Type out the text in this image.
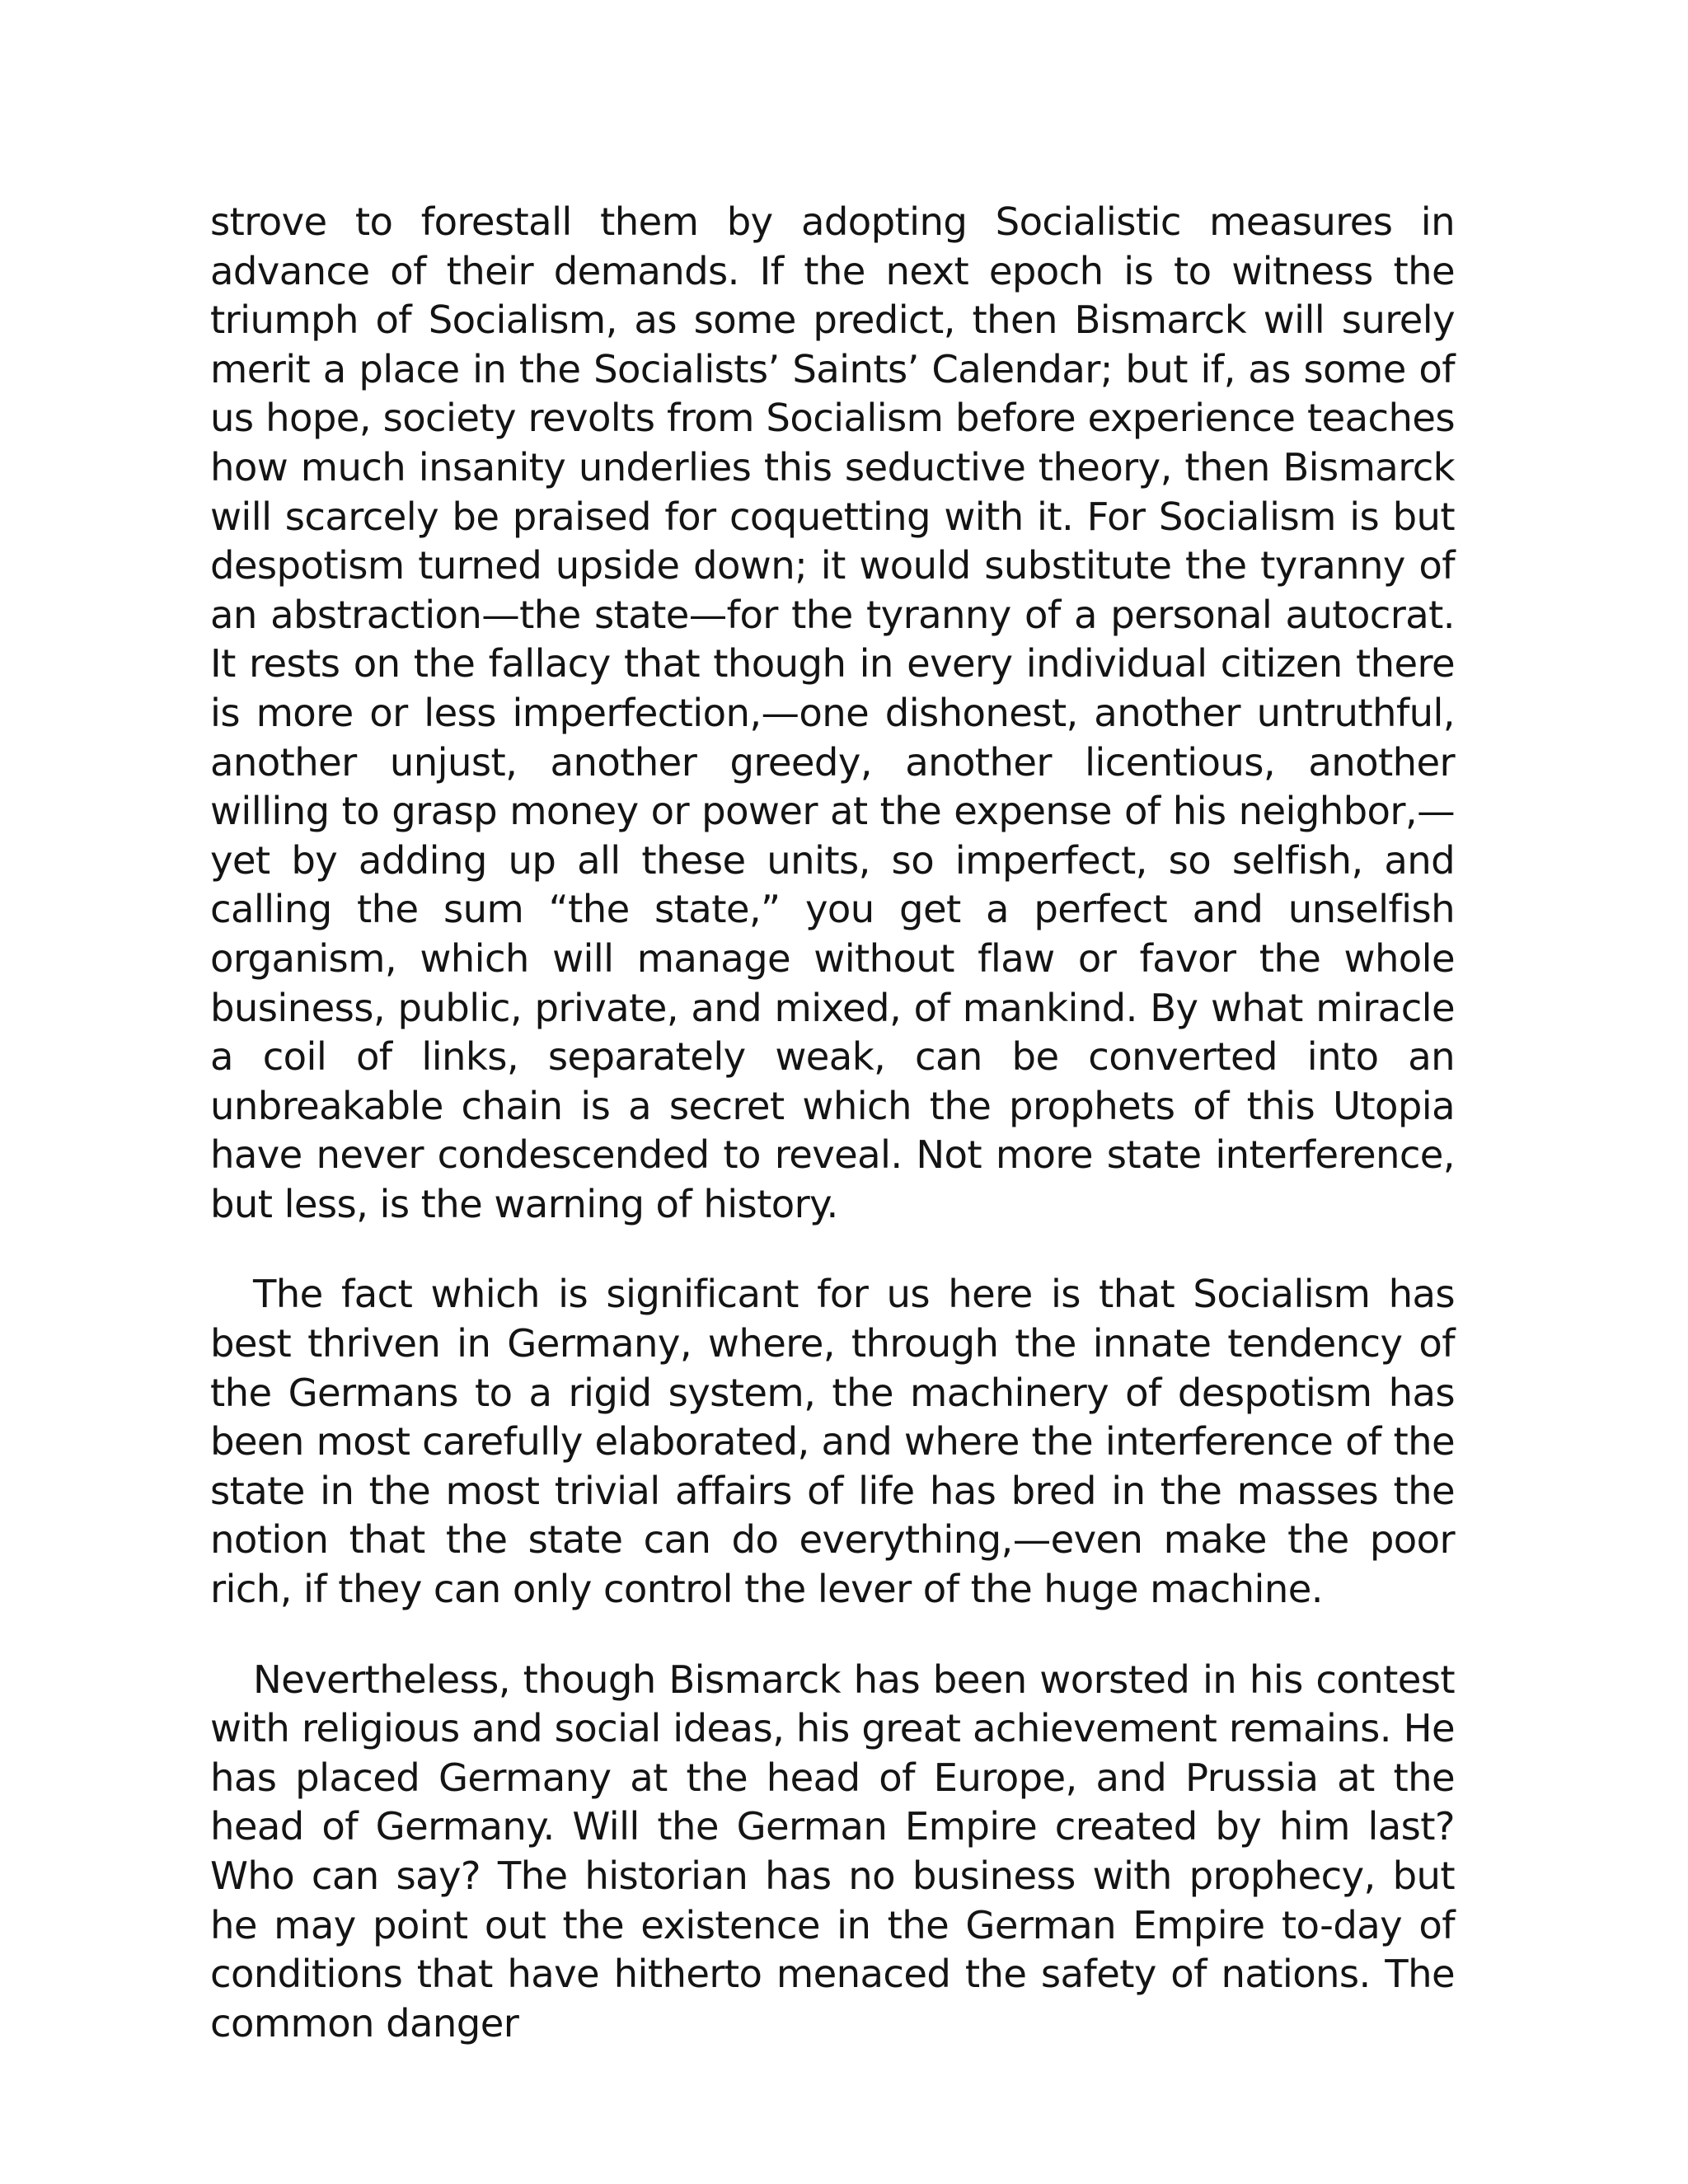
strove to forestall them by adopting Socialistic measures in advance of their demands. If the next epoch is to witness the triumph of Socialism, as some predict, then Bismarck will surely merit a place in the Socialists’ Saints’ Calendar; but if, as some of us hope, society revolts from Socialism before experience teaches how much insanity underlies this seductive theory, then Bismarck will scarcely be praised for coquetting with it. For Socialism is but despotism turned upside down; it would substitute the tyranny of an abstraction—the state—for the tyranny of a personal autocrat. It rests on the fallacy that though in every individual citizen there is more or less imperfection,—one dishonest, another untruthful, another unjust, another greedy, another licentious, another willing to grasp money or power at the expense of his neighbor,—yet by adding up all these units, so imperfect, so selfish, and calling the sum “the state,” you get a perfect and unselfish organism, which will manage without flaw or favor the whole business, public, private, and mixed, of mankind. By what miracle a coil of links, separately weak, can be converted into an unbreakable chain is a secret which the prophets of this Utopia have never condescended to reveal. Not more state interference, but less, is the warning of history.

The fact which is significant for us here is that Socialism has best thriven in Germany, where, through the innate tendency of the Germans to a rigid system, the machinery of despotism has been most carefully elaborated, and where the interference of the state in the most trivial affairs of life has bred in the masses the notion that the state can do everything,—even make the poor rich, if they can only control the lever of the huge machine.

Nevertheless, though Bismarck has been worsted in his contest with religious and social ideas, his great achievement remains. He has placed Germany at the head of Europe, and Prussia at the head of Germany. Will the German Empire created by him last? Who can say? The historian has no business with prophecy, but he may point out the existence in the German Empire to-day of conditions that have hitherto menaced the safety of nations. The common danger
